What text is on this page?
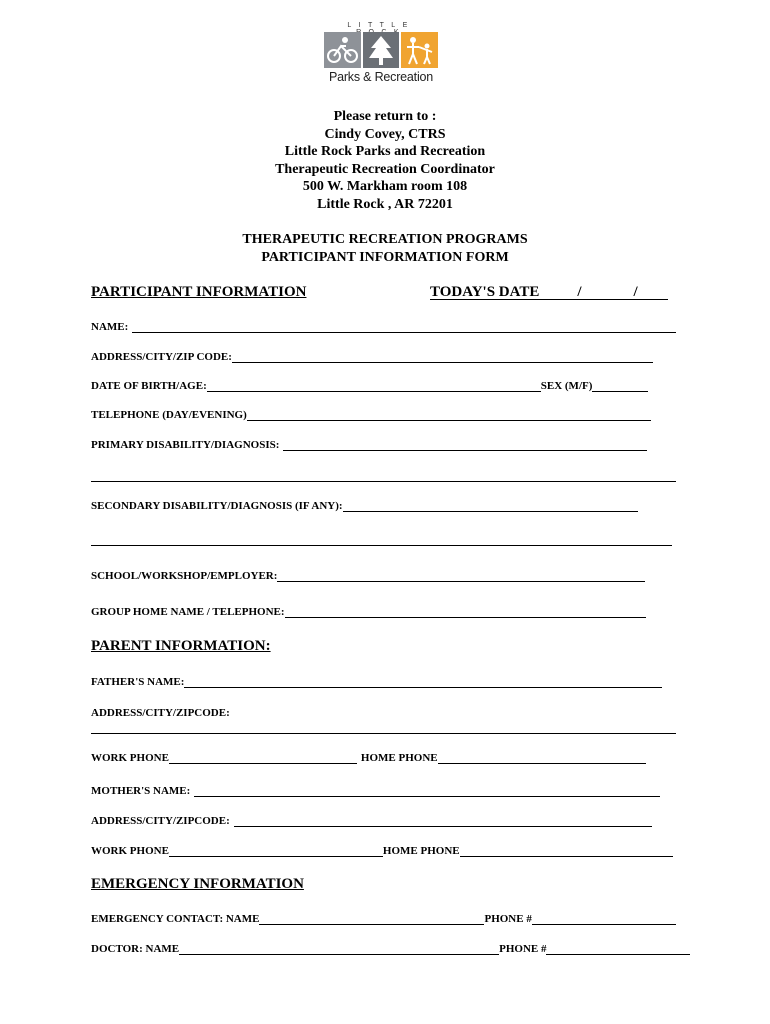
LITTLE
Parks & Recreation
Please return to :
Cindy Covey, CTRS
Little Rock Parks and Recreation
Therapeutic Recreation Coordinator
500 W. Markham room 108
Little Rock , AR 72201
THERAPEUTIC RECREATION PROGRAMS
PARTICIPANT INFORMATION FORM
PARTICIPANT INFORMATION	TODAY'S DATE	/	/
NAME:
ADDRESS/CITY/ZIP CODE:
DATE OF BIRTH/AGE:	SEX (M/F)
TELEPHONE (DAY/EVENING)
PRIMARY DISABILITY/DIAGNOSIS:
SECONDARY DISABILITY/DIAGNOSIS (IF ANY):
SCHOOL/WORKSHOP/EMPLOYER:
GROUP HOME NAME / TELEPHONE:
PARENT INFORMATION:
FATHER'S NAME:
ADDRESS/CITY/ZIPCODE:
WORK PHONE	HOME PHONE
MOTHER'S NAME:
ADDRESS/CITY/ZIPCODE:
WORK PHONE	HOME PHONE
EMERGENCY INFORMATION
EMERGENCY CONTACT: NAME	PHONE #
DOCTOR: NAME	PHONE #
